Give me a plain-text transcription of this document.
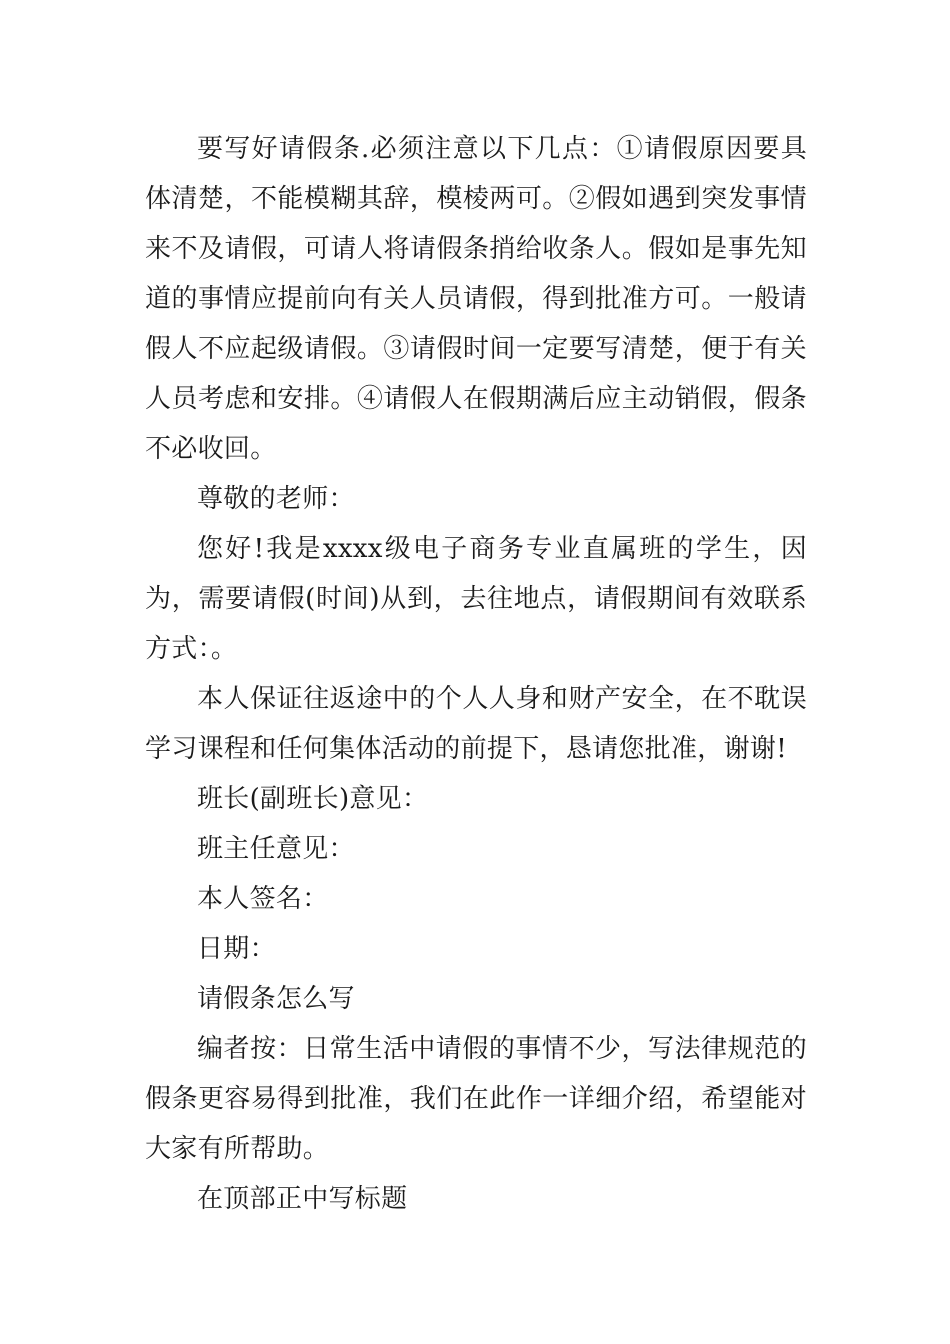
要写好请假条.必须注意以下几点：①请假原因要具体清楚，不能模糊其辞，模棱两可。②假如遇到突发事情来不及请假，可请人将请假条捎给收条人。假如是事先知道的事情应提前向有关人员请假，得到批准方可。一般请假人不应起级请假。③请假时间一定要写清楚，便于有关人员考虑和安排。④请假人在假期满后应主动销假，假条不必收回。

尊敬的老师：

您好!我是xxxx级电子商务专业直属班的学生，因为，需要请假(时间)从到，去往地点，请假期间有效联系方式：。

本人保证往返途中的个人人身和财产安全，在不耽误学习课程和任何集体活动的前提下，恳请您批准，谢谢!

班长(副班长)意见：

班主任意见：

本人签名：

日期：

请假条怎么写

编者按：日常生活中请假的事情不少，写法律规范的假条更容易得到批准，我们在此作一详细介绍，希望能对大家有所帮助。

在顶部正中写标题
